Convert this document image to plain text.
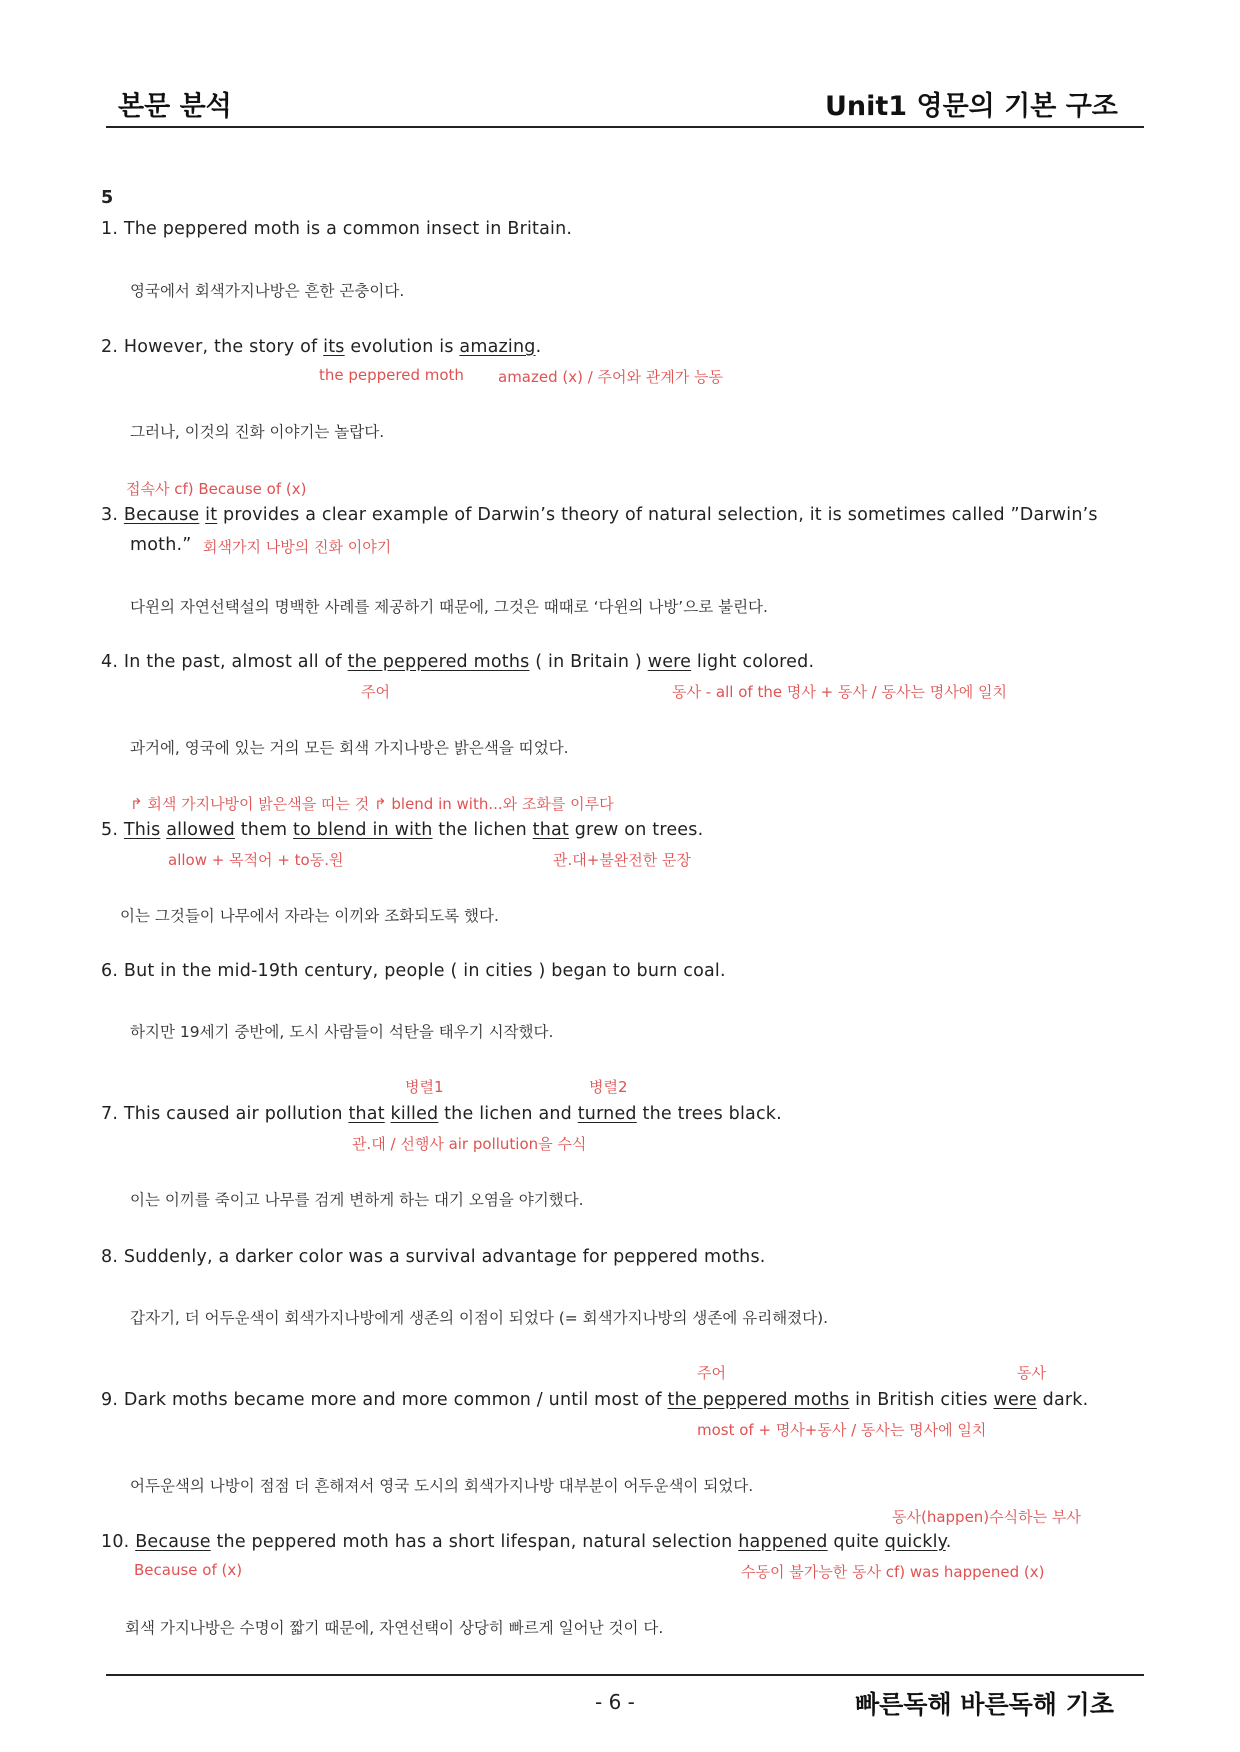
본문 분석	Unit1 영문의 기본 구조
5
1. The peppered moth is a common insect in Britain.
영국에서 회색가지나방은 흔한 곤충이다.
2. However, the story of its evolution is amazing.
the peppered moth amazed (x) / 주어와 관계가 능동
그러나, 이것의 진화 이야기는 놀랍다.
접속사 cf) Because of (x)
3. Because it provides a clear example of Darwin’s theory of natural selection, it is sometimes called ”Darwin’s
moth.” 회색가지 나방의 진화 이야기
다윈의 자연선택설의 명백한 사례를 제공하기 때문에, 그것은 때때로 ‘다윈의 나방’으로 불린다.
4. In the past, almost all of the peppered moths ( in Britain ) were light colored.
주어	동사 - all of the 명사 + 동사 / 동사는 명사에 일치
과거에, 영국에 있는 거의 모든 회색 가지나방은 밝은색을 띠었다.
↱ 회색 가지나방이 밝은색을 띠는 것 ↱ blend in with...와 조화를 이루다
5. This allowed them to blend in with the lichen that grew on trees.
allow + 목적어 + to동.원	관.대+불완전한 문장
이는 그것들이 나무에서 자라는 이끼와 조화되도록 했다.
6. But in the mid-19th century, people ( in cities ) began to burn coal.
하지만 19세기 중반에, 도시 사람들이 석탄을 태우기 시작했다.
병렬1	병렬2
7. This caused air pollution that killed the lichen and turned the trees black.
관.대 / 선행사 air pollution을 수식
이는 이끼를 죽이고 나무를 검게 변하게 하는 대기 오염을 야기했다.
8. Suddenly, a darker color was a survival advantage for peppered moths.
갑자기, 더 어두운색이 회색가지나방에게 생존의 이점이 되었다 (= 회색가지나방의 생존에 유리해졌다).
주어	동사
9. Dark moths became more and more common / until most of the peppered moths in British cities were dark.
most of + 명사+동사 / 동사는 명사에 일치
어두운색의 나방이 점점 더 흔해져서 영국 도시의 회색가지나방 대부분이 어두운색이 되었다.
동사(happen)수식하는 부사
10. Because the peppered moth has a short lifespan, natural selection happened quite quickly.
Because of (x)	수동이 불가능한 동사 cf) was happened (x)
회색 가지나방은 수명이 짧기 때문에, 자연선택이 상당히 빠르게 일어난 것이 다.
- 6 -	빠른독해 바른독해 기초
